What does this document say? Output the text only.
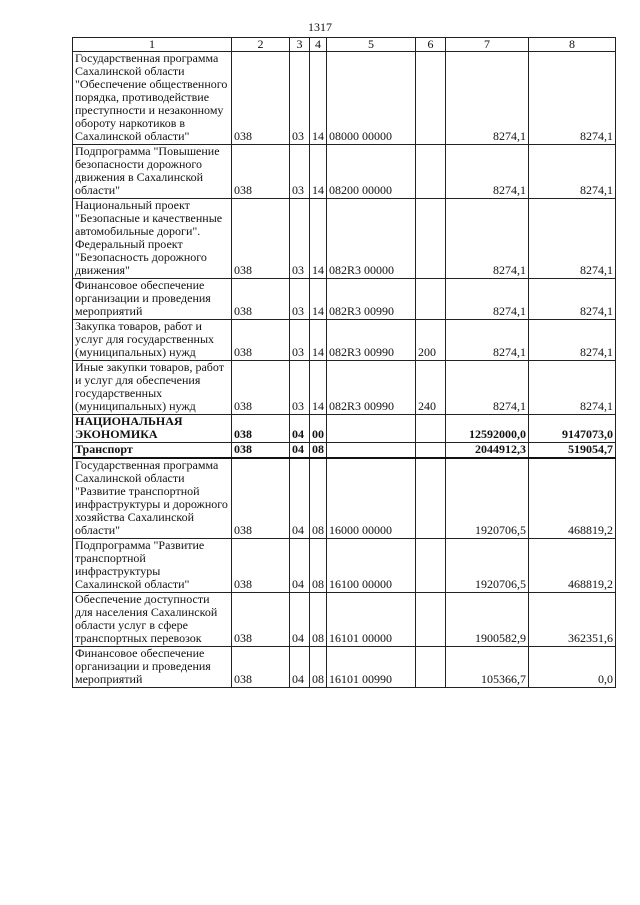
1317
1	2	3	4	5	6	7	8
Государственная программа Сахалинской области "Обеспечение общественного порядка, противодействие преступности и незаконному обороту наркотиков в Сахалинской области"	038	03	14	08000 00000		8274,1	8274,1
Подпрограмма "Повышение безопасности дорожного движения в Сахалинской области"	038	03	14	08200 00000		8274,1	8274,1
Национальный проект "Безопасные и качественные автомобильные дороги". Федеральный проект "Безопасность дорожного движения"	038	03	14	082R3 00000		8274,1	8274,1
Финансовое обеспечение организации и проведения мероприятий	038	03	14	082R3 00990		8274,1	8274,1
Закупка товаров, работ и услуг для государственных (муниципальных) нужд	038	03	14	082R3 00990	200	8274,1	8274,1
Иные закупки товаров, работ и услуг для обеспечения государственных (муниципальных) нужд	038	03	14	082R3 00990	240	8274,1	8274,1
НАЦИОНАЛЬНАЯ ЭКОНОМИКА	038	04	00			12592000,0	9147073,0
Транспорт	038	04	08			2044912,3	519054,7
Государственная программа Сахалинской области "Развитие транспортной инфраструктуры и дорожного хозяйства Сахалинской области"	038	04	08	16000 00000		1920706,5	468819,2
Подпрограмма "Развитие транспортной инфраструктуры Сахалинской области"	038	04	08	16100 00000		1920706,5	468819,2
Обеспечение доступности для населения Сахалинской области услуг в сфере транспортных перевозок	038	04	08	16101 00000		1900582,9	362351,6
Финансовое обеспечение организации и проведения мероприятий	038	04	08	16101 00990		105366,7	0,0
